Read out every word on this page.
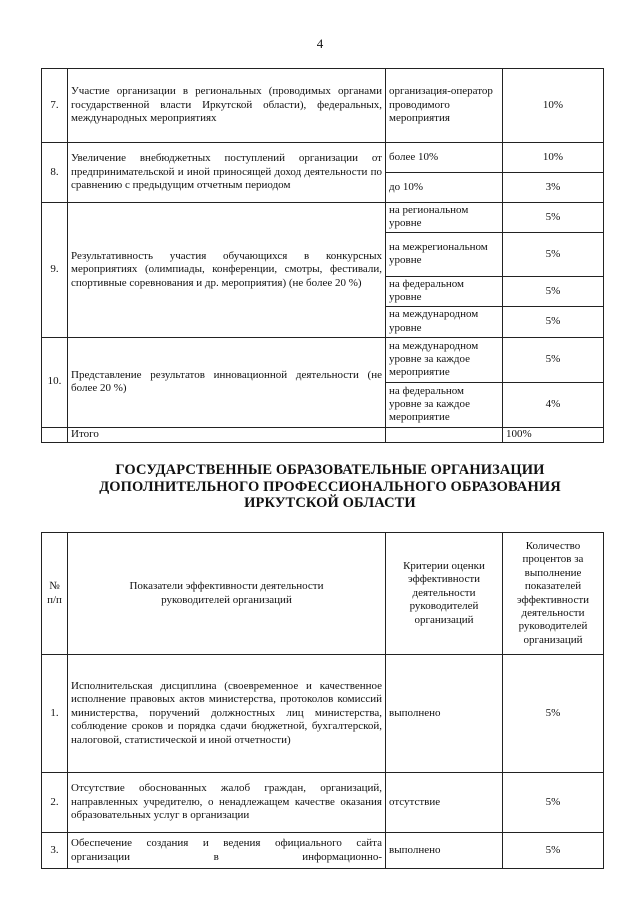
4
7.	Участие организации в региональных (проводимых органами государственной власти Иркутской области), федеральных, международных мероприятиях	организация-оператор проводимого мероприятия	10%
8.	Увеличение внебюджетных поступлений организации от предпринимательской и иной приносящей доход деятельности по сравнению с предыдущим отчетным периодом	более 10%	10%
		до 10%	3%
9.	Результативность участия обучающихся в конкурсных мероприятиях (олимпиады, конференции, смотры, фестивали, спортивные соревнования и др. мероприятия) (не более 20 %)	на региональном уровне	5%
		на межрегиональном уровне	5%
		на федеральном уровне	5%
		на международном уровне	5%
10.	Представление результатов инновационной деятельности (не более 20 %)	на международном уровне за каждое мероприятие	5%
		на федеральном уровне за каждое мероприятие	4%
	Итого		100%
ГОСУДАРСТВЕННЫЕ ОБРАЗОВАТЕЛЬНЫЕ ОРГАНИЗАЦИИ
ДОПОЛНИТЕЛЬНОГО ПРОФЕССИОНАЛЬНОГО ОБРАЗОВАНИЯ
ИРКУТСКОЙ ОБЛАСТИ
№ п/п	Показатели эффективности деятельности руководителей организаций	Критерии оценки эффективности деятельности руководителей организаций	Количество процентов за выполнение показателей эффективности деятельности руководителей организаций
1.	Исполнительская дисциплина (своевременное и качественное исполнение правовых актов министерства, протоколов комиссий министерства, поручений должностных лиц министерства, соблюдение сроков и порядка сдачи бюджетной, бухгалтерской, налоговой, статистической и иной отчетности)	выполнено	5%
2.	Отсутствие обоснованных жалоб граждан, организаций, направленных учредителю, о ненадлежащем качестве оказания образовательных услуг в организации	отсутствие	5%
3.	Обеспечение создания и ведения официального сайта организации в информационно-	выполнено	5%
